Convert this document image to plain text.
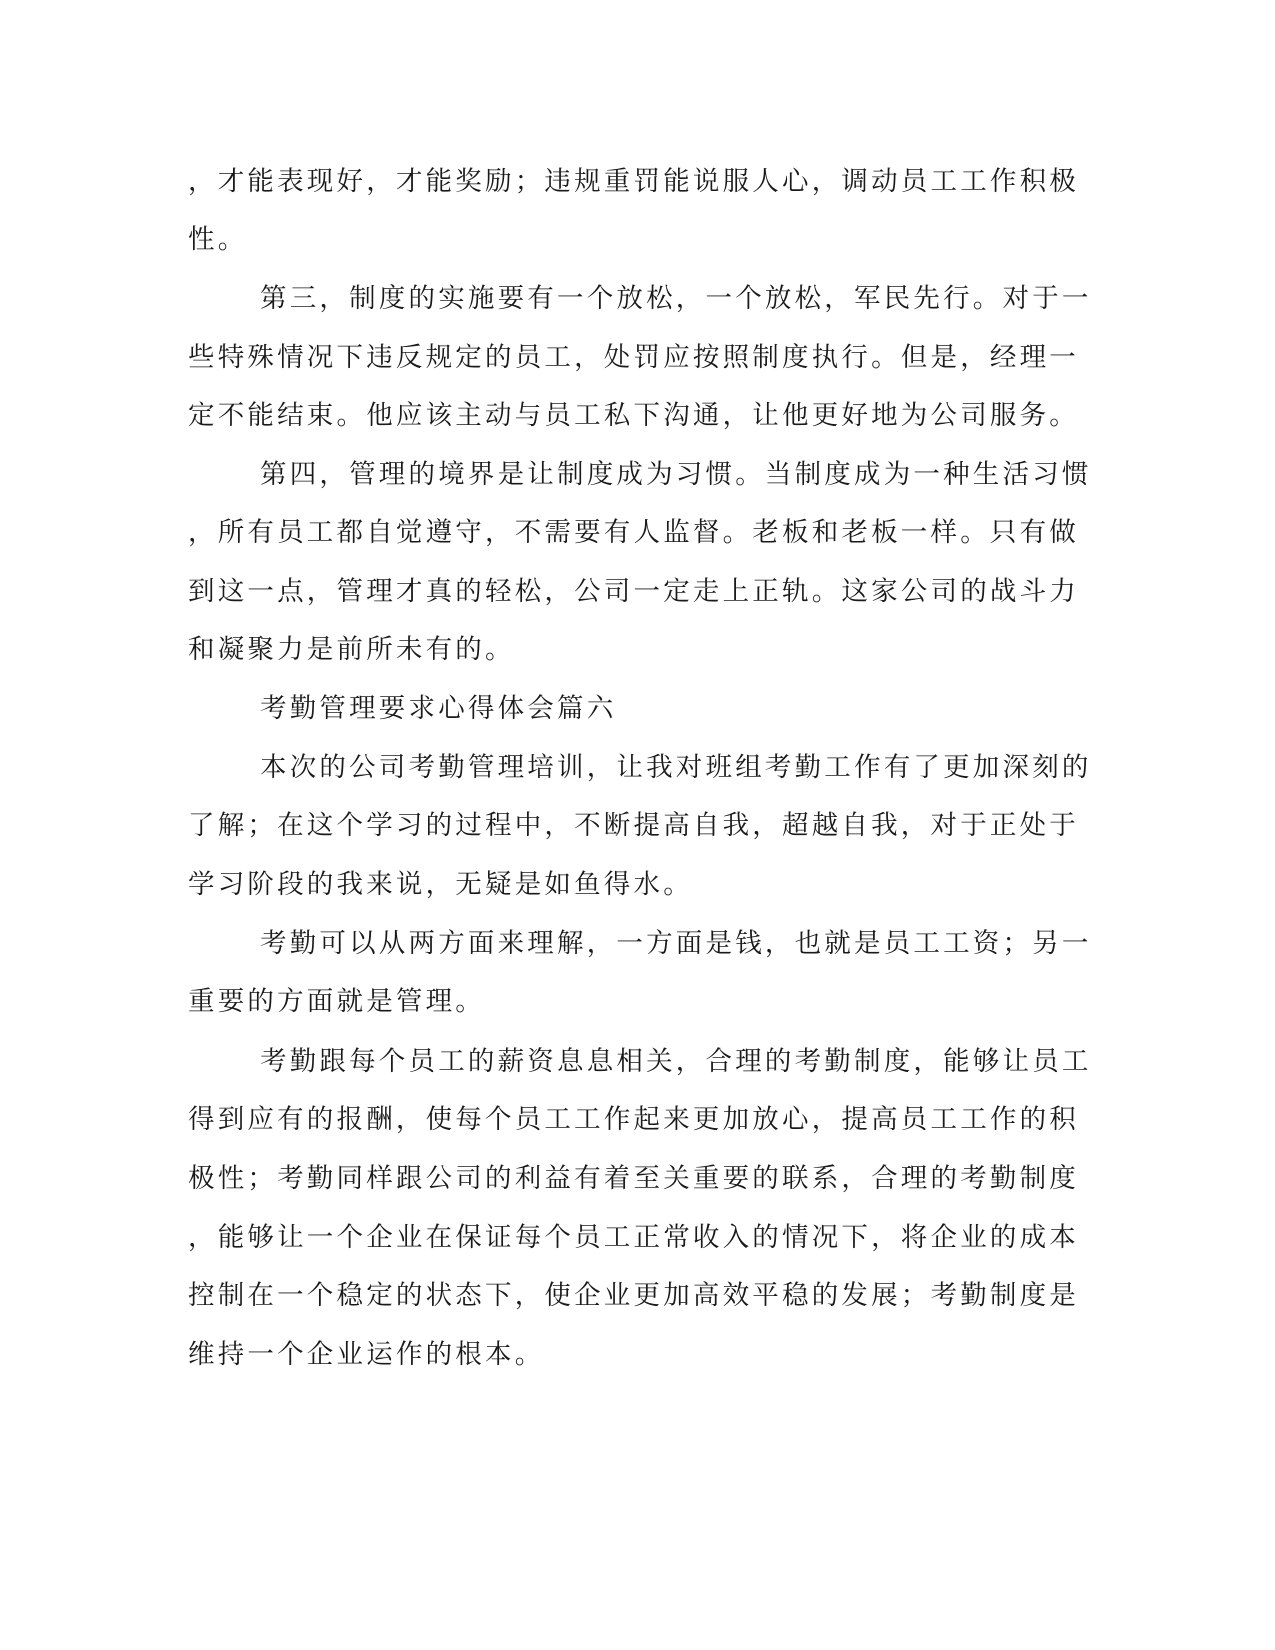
，才能表现好，才能奖励；违规重罚能说服人心，调动员工工作积极
性。
第三，制度的实施要有一个放松，一个放松，军民先行。对于一
些特殊情况下违反规定的员工，处罚应按照制度执行。但是，经理一
定不能结束。他应该主动与员工私下沟通，让他更好地为公司服务。
第四，管理的境界是让制度成为习惯。当制度成为一种生活习惯
，所有员工都自觉遵守，不需要有人监督。老板和老板一样。只有做
到这一点，管理才真的轻松，公司一定走上正轨。这家公司的战斗力
和凝聚力是前所未有的。
考勤管理要求心得体会篇六
本次的公司考勤管理培训，让我对班组考勤工作有了更加深刻的
了解；在这个学习的过程中，不断提高自我，超越自我，对于正处于
学习阶段的我来说，无疑是如鱼得水。
考勤可以从两方面来理解，一方面是钱，也就是员工工资；另一
重要的方面就是管理。
考勤跟每个员工的薪资息息相关，合理的考勤制度，能够让员工
得到应有的报酬，使每个员工工作起来更加放心，提高员工工作的积
极性；考勤同样跟公司的利益有着至关重要的联系，合理的考勤制度
，能够让一个企业在保证每个员工正常收入的情况下，将企业的成本
控制在一个稳定的状态下，使企业更加高效平稳的发展；考勤制度是
维持一个企业运作的根本。
